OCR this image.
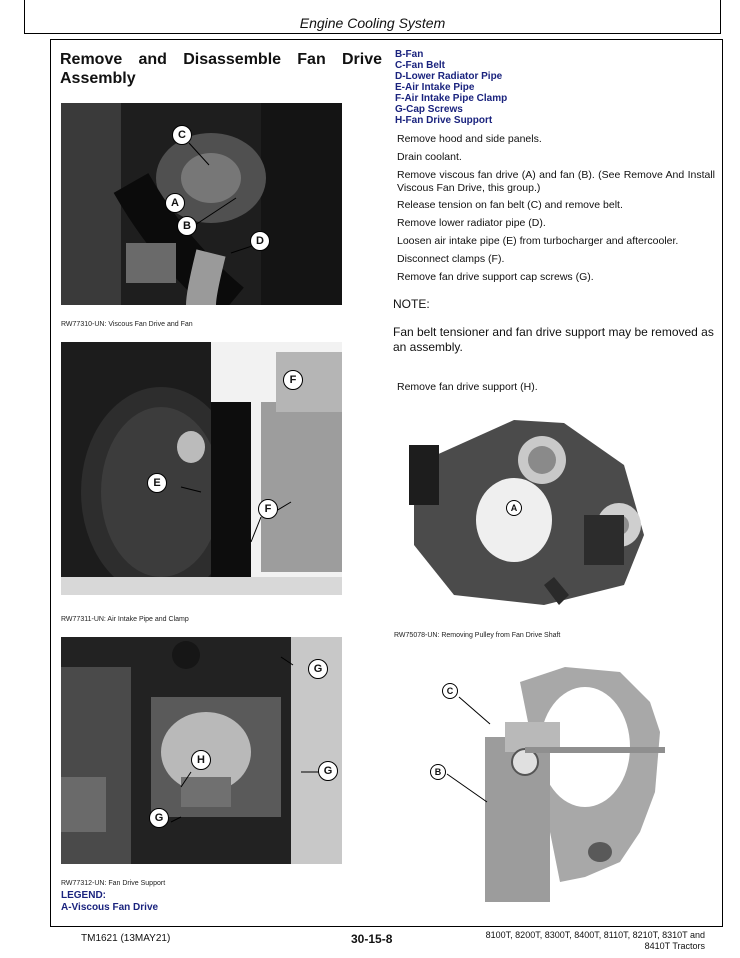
Engine Cooling System
Remove and Disassemble Fan Drive Assembly
B-Fan
C-Fan Belt
D-Lower Radiator Pipe
E-Air Intake Pipe
F-Air Intake Pipe Clamp
G-Cap Screws
H-Fan Drive Support
Remove hood and side panels.
Drain coolant.
Remove viscous fan drive (A) and fan (B). (See Remove And Install Viscous Fan Drive, this group.)
Release tension on fan belt (C) and remove belt.
Remove lower radiator pipe (D).
Loosen air intake pipe (E) from turbocharger and aftercooler.
Disconnect clamps (F).
Remove fan drive support cap screws (G).
NOTE:
Fan belt tensioner and fan drive support may be removed as an assembly.
Remove fan drive support (H).
C
A
B
D
RW77310-UN: Viscous Fan Drive and Fan
F
E
F
RW77311-UN: Air Intake Pipe and Clamp
G
H
G
G
RW77312-UN: Fan Drive Support
A
RW75078-UN: Removing Pulley from Fan Drive Shaft
C
B
LEGEND:
A-Viscous Fan Drive
TM1621 (13MAY21)	30-15-8	8100T, 8200T, 8300T, 8400T, 8110T, 8210T, 8310T and
8410T Tractors
